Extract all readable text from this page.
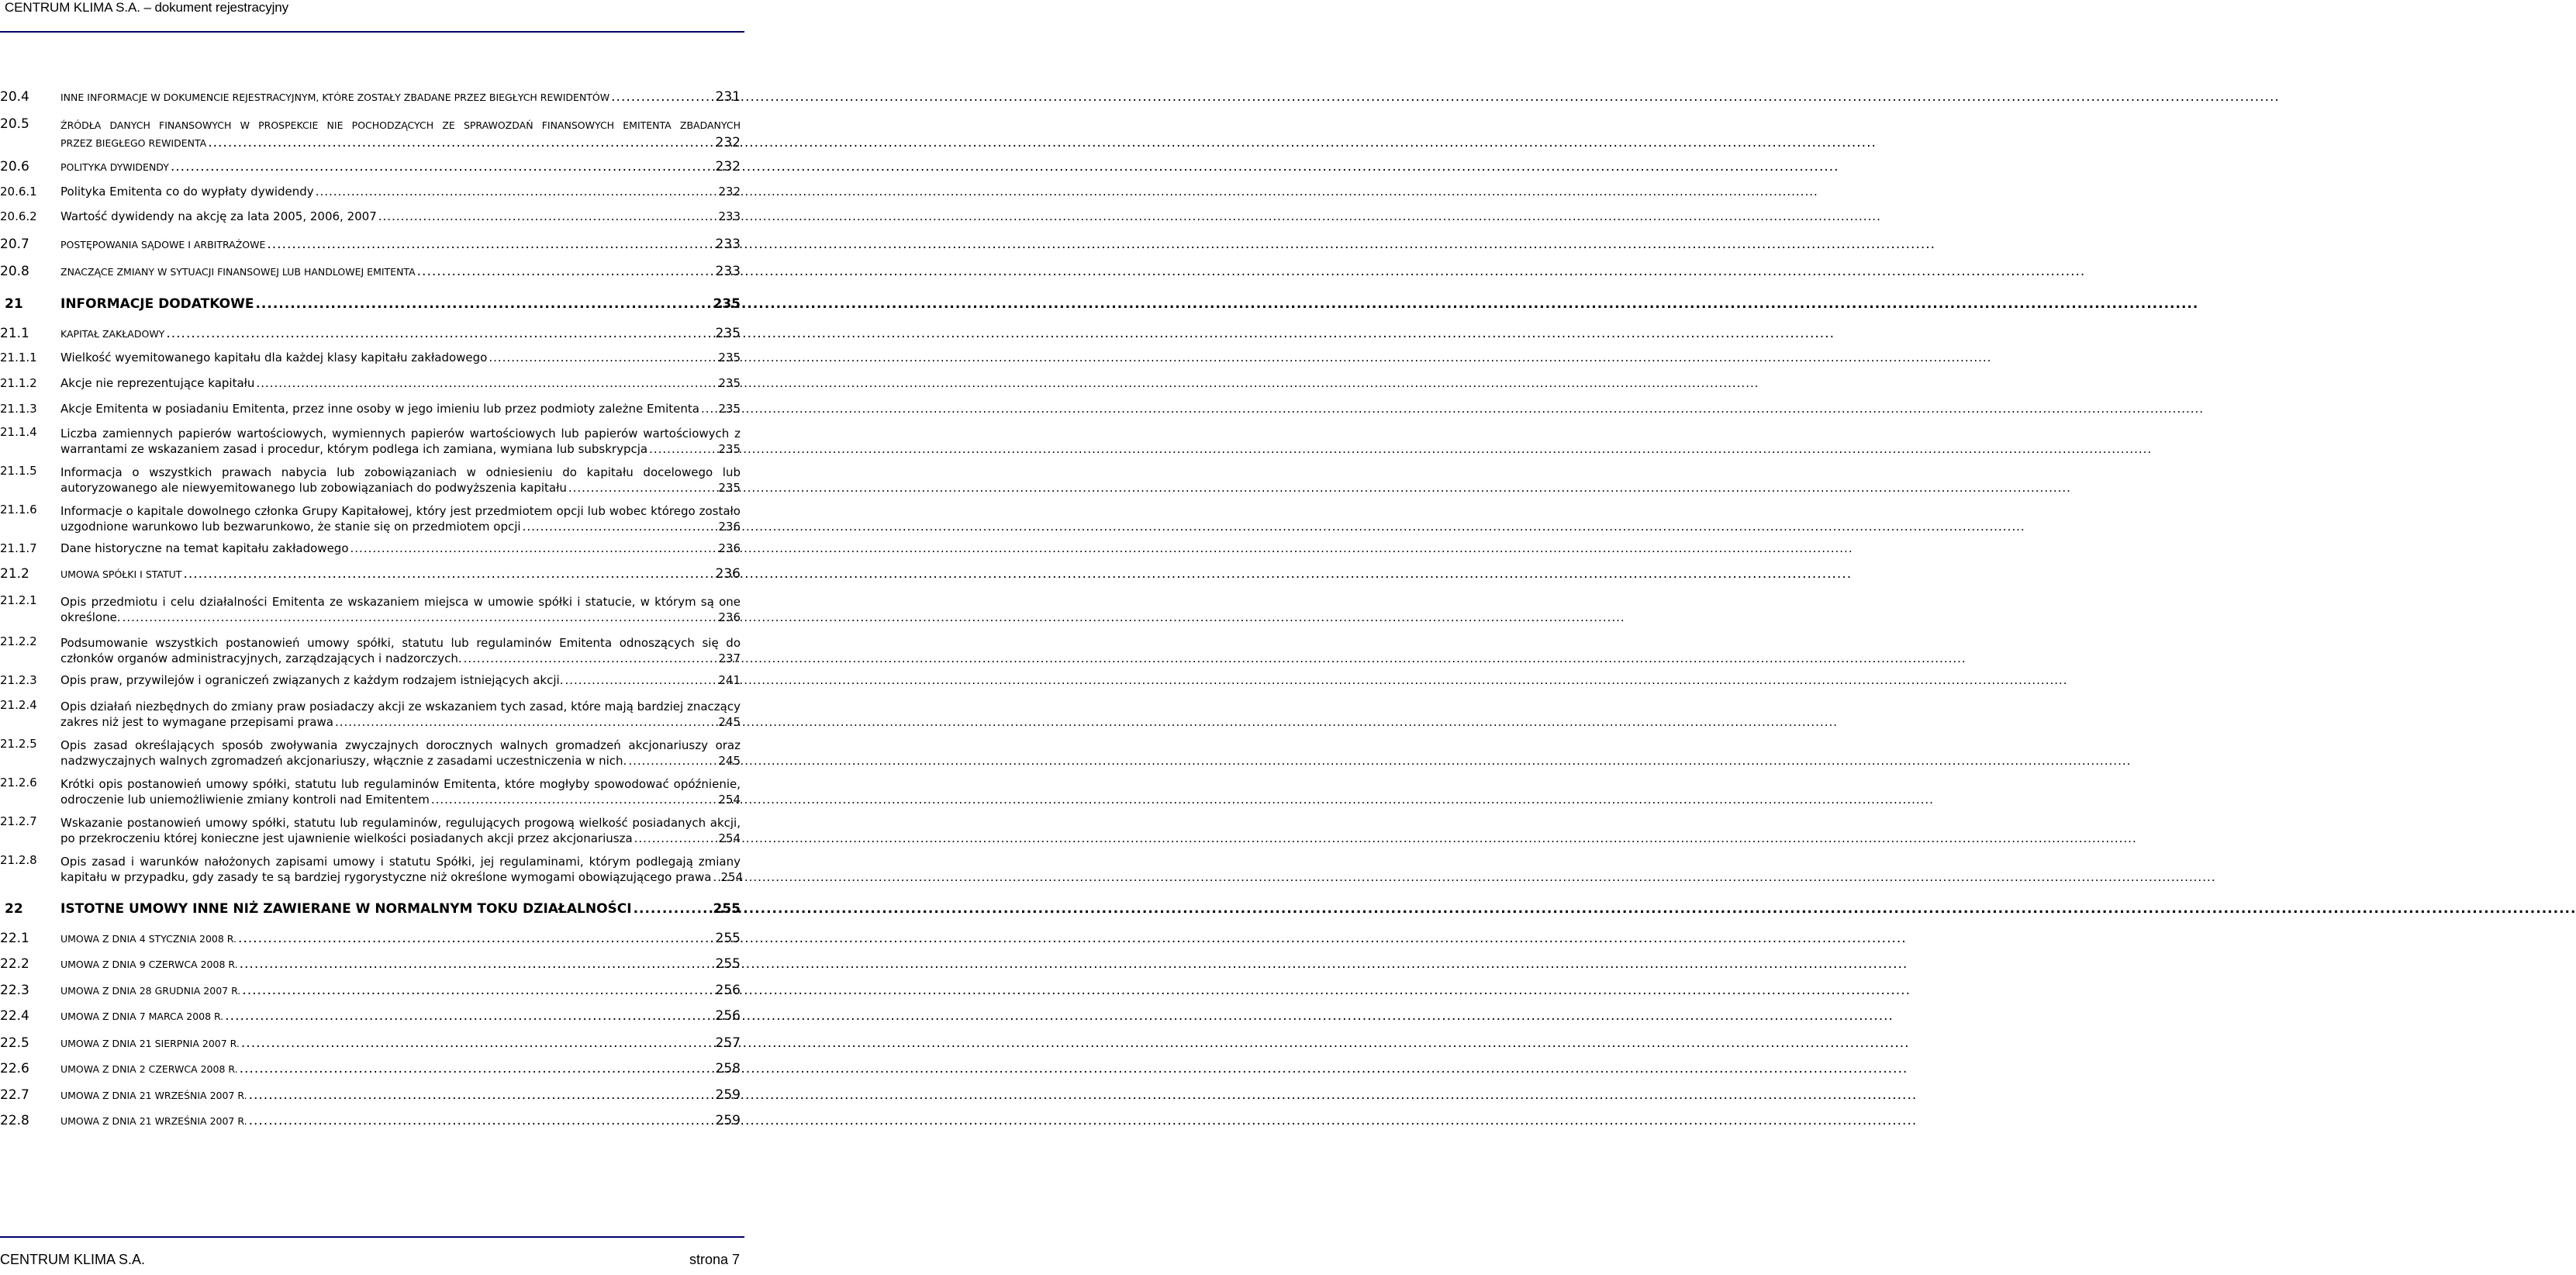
CENTRUM KLIMA S.A. – dokument rejestracyjny
20.4	INNE INFORMACJE W DOKUMENCIE REJESTRACYJNYM, KTÓRE ZOSTAŁY ZBADANE PRZEZ BIEGŁYCH REWIDENTÓW .....	231
20.5	ŹRÓDŁA DANYCH FINANSOWYCH W PROSPEKCIE NIE POCHODZĄCYCH ZE SPRAWOZDAŃ FINANSOWYCH EMITENTA ZBADANYCH
PRZEZ BIEGŁEGO REWIDENTA .....	232
20.6	POLITYKA DYWIDENDY .....	232
20.6.1 Polityka Emitenta co do wypłaty dywidendy .....	232
20.6.2 Wartość dywidendy na akcję za lata 2005, 2006, 2007 .....	233
20.7	POSTĘPOWANIA SĄDOWE I ARBITRAŻOWE .....	233
20.8	ZNACZĄCE ZMIANY W SYTUACJI FINANSOWEJ LUB HANDLOWEJ EMITENTA .....	233
21	INFORMACJE DODATKOWE .....	235
21.1	KAPITAŁ ZAKŁADOWY .....	235
21.1.1 Wielkość wyemitowanego kapitału dla każdej klasy kapitału zakładowego .....	235
21.1.2 Akcje nie reprezentujące kapitału .....	235
21.1.3 Akcje Emitenta w posiadaniu Emitenta, przez inne osoby w jego imieniu lub przez podmioty zależne Emitenta ..... 235
21.1.4 Liczba zamiennych papierów wartościowych, wymiennych papierów wartościowych lub papierów wartościowych z
warrantami ze wskazaniem zasad i procedur, którym podlega ich zamiana, wymiana lub subskrypcja .....	235
21.1.5 Informacja o wszystkich prawach nabycia lub zobowiązaniach w odniesieniu do kapitału docelowego lub
autoryzowanego ale niewyemitowanego lub zobowiązaniach do podwyższenia kapitału .....	235
21.1.6 Informacje o kapitale dowolnego członka Grupy Kapitałowej, który jest przedmiotem opcji lub wobec którego zostało
uzgodnione warunkowo lub bezwarunkowo, że stanie się on przedmiotem opcji .....	236
21.1.7 Dane historyczne na temat kapitału zakładowego .....	236
21.2	UMOWA SPÓŁKI I STATUT .....	236
21.2.1 Opis przedmiotu i celu działalności Emitenta ze wskazaniem miejsca w umowie spółki i statucie, w którym są one
określone. .....	236
21.2.2 Podsumowanie wszystkich postanowień umowy spółki, statutu lub regulaminów Emitenta odnoszących się do
członków organów administracyjnych, zarządzających i nadzorczych. .....	237
21.2.3 Opis praw, przywilejów i ograniczeń związanych z każdym rodzajem istniejących akcji. .....	241
21.2.4 Opis działań niezbędnych do zmiany praw posiadaczy akcji ze wskazaniem tych zasad, które mają bardziej znaczący
zakres niż jest to wymagane przepisami prawa .....	245
21.2.5 Opis zasad określających sposób zwoływania zwyczajnych dorocznych walnych gromadzeń akcjonariuszy oraz
nadzwyczajnych walnych zgromadzeń akcjonariuszy, włącznie z zasadami uczestniczenia w nich. .....	245
21.2.6 Krótki opis postanowień umowy spółki, statutu lub regulaminów Emitenta, które mogłyby spowodować opóźnienie,
odroczenie lub uniemożliwienie zmiany kontroli nad Emitentem .....	254
21.2.7 Wskazanie postanowień umowy spółki, statutu lub regulaminów, regulujących progową wielkość posiadanych akcji,
po przekroczeniu której konieczne jest ujawnienie wielkości posiadanych akcji przez akcjonariusza .....	254
21.2.8 Opis zasad i warunków nałożonych zapisami umowy i statutu Spółki, jej regulaminami, którym podlegają zmiany
kapitału w przypadku, gdy zasady te są bardziej rygorystyczne niż określone wymogami obowiązującego prawa ..... 254
22	ISTOTNE UMOWY INNE NIŻ ZAWIERANE W NORMALNYM TOKU DZIAŁALNOŚCI .....	255
22.1	UMOWA Z DNIA 4 STYCZNIA 2008 R. .....	255
22.2	UMOWA Z DNIA 9 CZERWCA 2008 R. .....	255
22.3	UMOWA Z DNIA 28 GRUDNIA 2007 R. .....	256
22.4	UMOWA Z DNIA 7 MARCA 2008 R. .....	256
22.5	UMOWA Z DNIA 21 SIERPNIA 2007 R. .....	257
22.6	UMOWA Z DNIA 2 CZERWCA 2008 R. .....	258
22.7	UMOWA Z DNIA 21 WRZEŚNIA 2007 R. .....	259
22.8	UMOWA Z DNIA 21 WRZEŚNIA 2007 R. .....	259
CENTRUM KLIMA S.A.	strona 7
